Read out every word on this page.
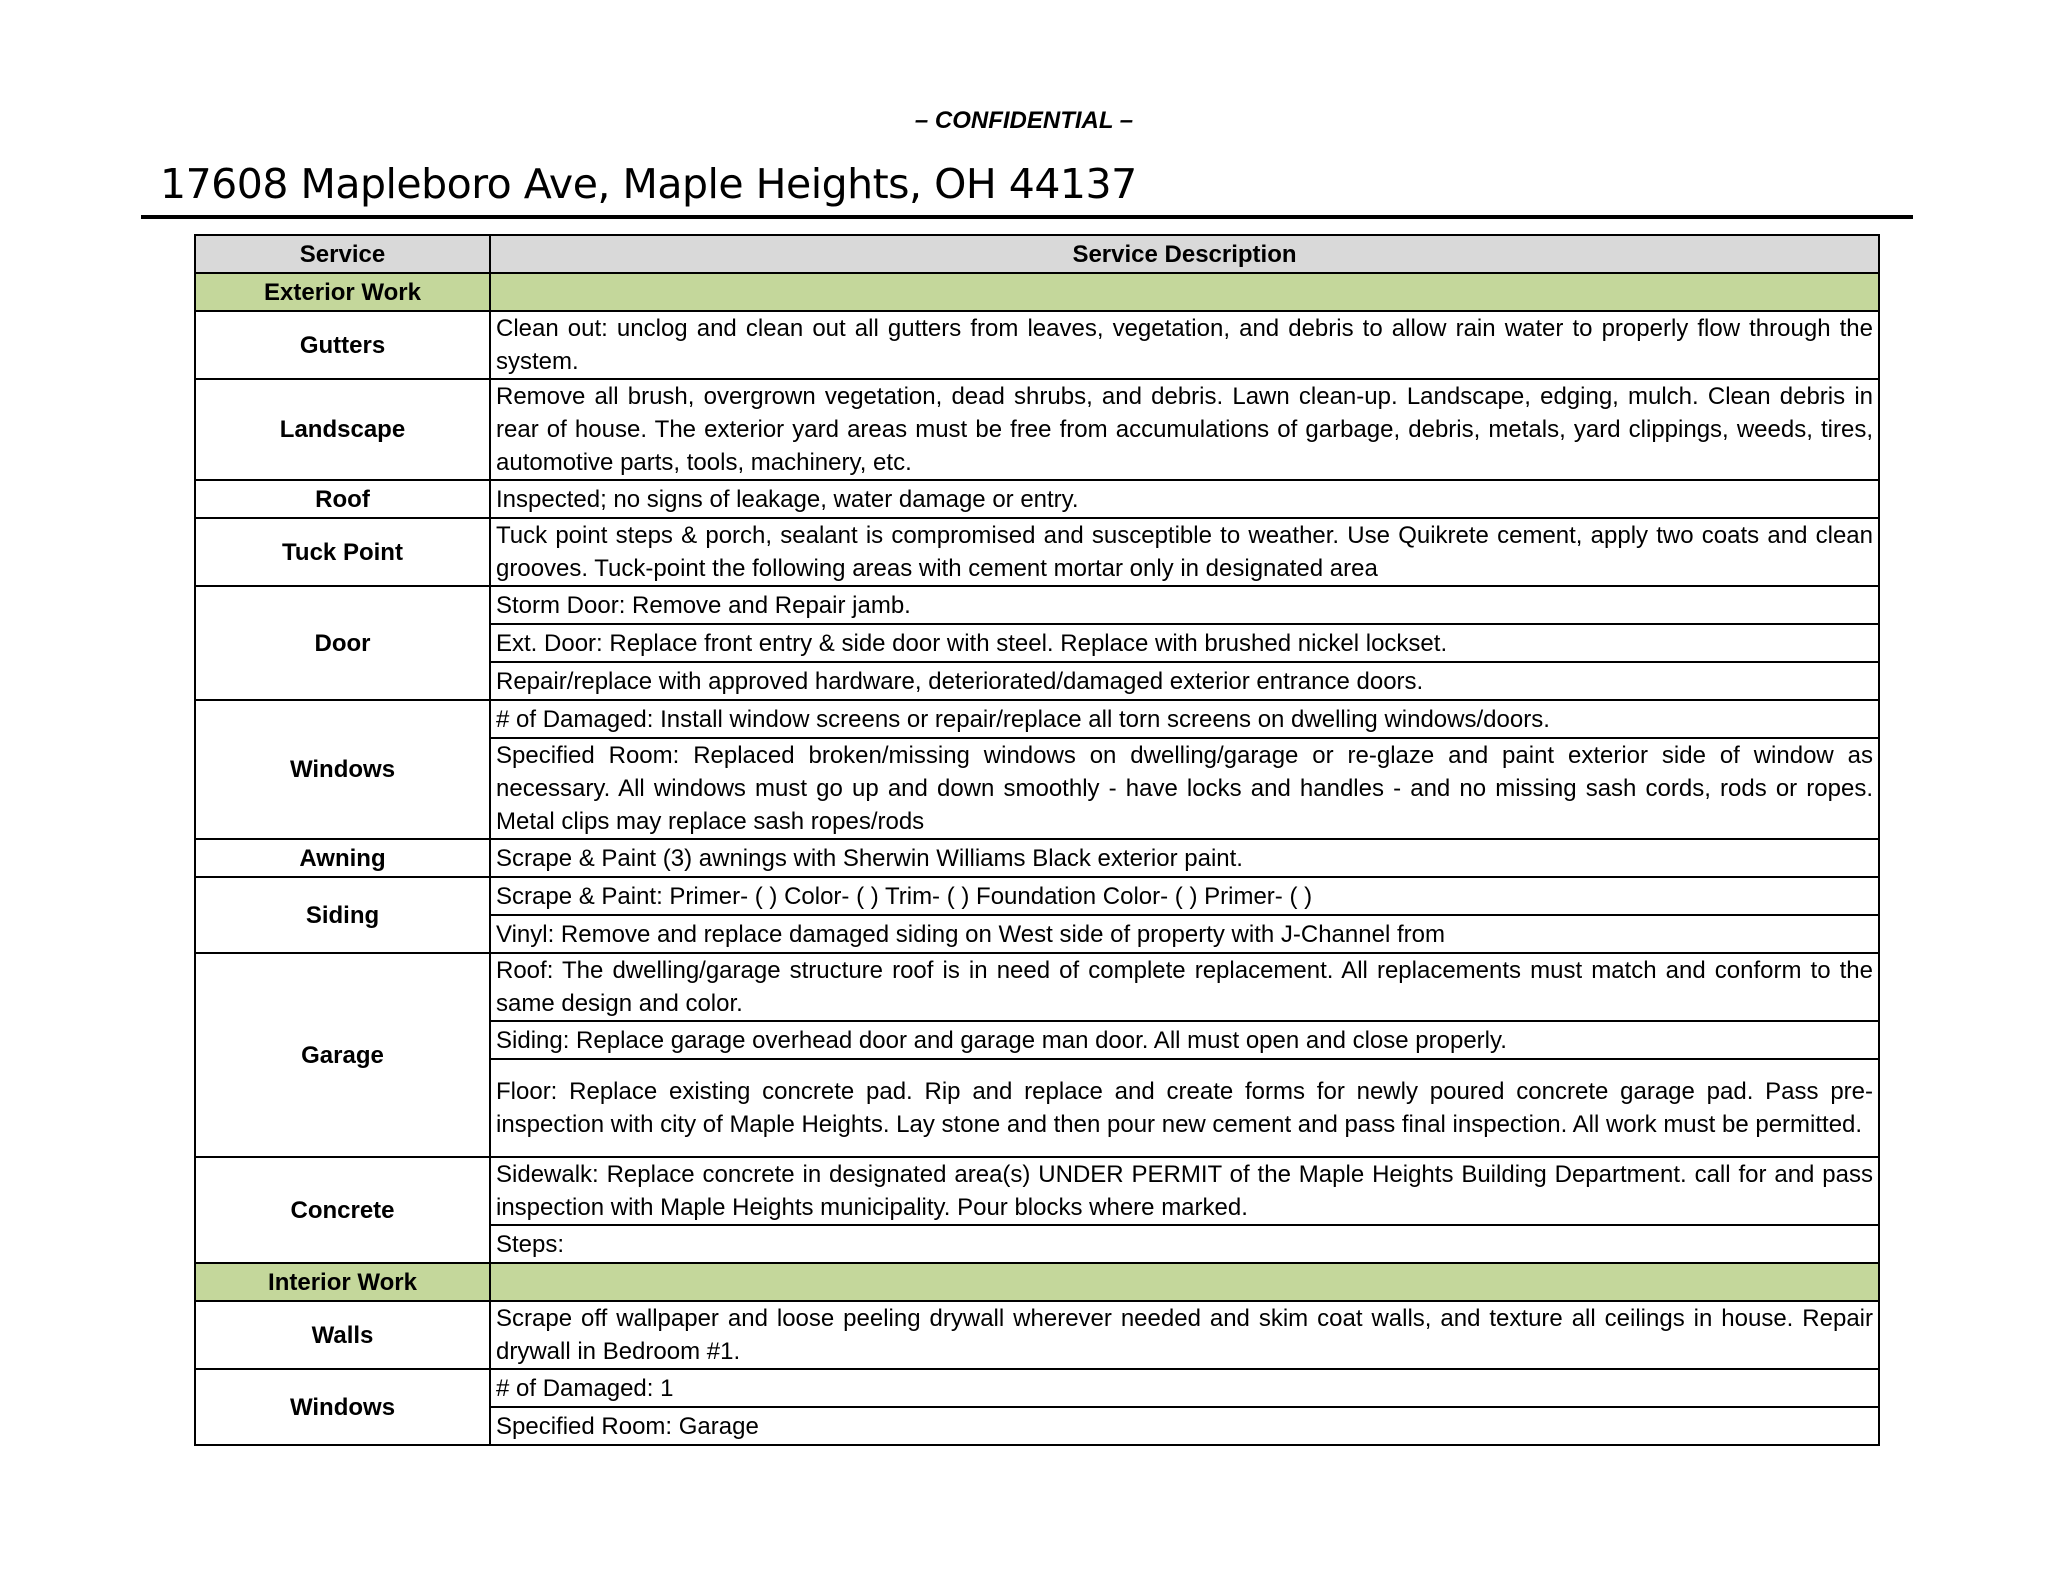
– CONFIDENTIAL –
17608 Mapleboro Ave, Maple Heights, OH 44137
Service	Service Description
Exterior Work	
Gutters	Clean out: unclog and clean out all gutters from leaves, vegetation, and debris to allow rain water to properly flow through the system.
Landscape	Remove all brush, overgrown vegetation, dead shrubs, and debris. Lawn clean-up. Landscape, edging, mulch. Clean debris in rear of house. The exterior yard areas must be free from accumulations of garbage, debris, metals, yard clippings, weeds, tires, automotive parts, tools, machinery, etc.
Roof	Inspected; no signs of leakage, water damage or entry.
Tuck Point	Tuck point steps & porch, sealant is compromised and susceptible to weather. Use Quikrete cement, apply two coats and clean grooves. Tuck-point the following areas with cement mortar only in designated area
Door	Storm Door: Remove and Repair jamb.
	Ext. Door: Replace front entry & side door with steel. Replace with brushed nickel lockset.
	Repair/replace with approved hardware, deteriorated/damaged exterior entrance doors.
Windows	# of Damaged: Install window screens or repair/replace all torn screens on dwelling windows/doors.
	Specified Room: Replaced broken/missing windows on dwelling/garage or re-glaze and paint exterior side of window as necessary. All windows must go up and down smoothly - have locks and handles - and no missing sash cords, rods or ropes. Metal clips may replace sash ropes/rods
Awning	Scrape & Paint (3) awnings with Sherwin Williams Black exterior paint.
Siding	Scrape & Paint: Primer- ( ) Color- ( ) Trim- ( ) Foundation Color- ( ) Primer- ( )
	Vinyl: Remove and replace damaged siding on West side of property with J-Channel from
Garage	Roof: The dwelling/garage structure roof is in need of complete replacement. All replacements must match and conform to the same design and color.
	Siding: Replace garage overhead door and garage man door. All must open and close properly.
	Floor: Replace existing concrete pad. Rip and replace and create forms for newly poured concrete garage pad. Pass pre-inspection with city of Maple Heights. Lay stone and then pour new cement and pass final inspection. All work must be permitted.
Concrete	Sidewalk: Replace concrete in designated area(s) UNDER PERMIT of the Maple Heights Building Department. call for and pass inspection with Maple Heights municipality. Pour blocks where marked.
	Steps:
Interior Work	
Walls	Scrape off wallpaper and loose peeling drywall wherever needed and skim coat walls, and texture all ceilings in house. Repair drywall in Bedroom #1.
Windows	# of Damaged: 1
	Specified Room: Garage
